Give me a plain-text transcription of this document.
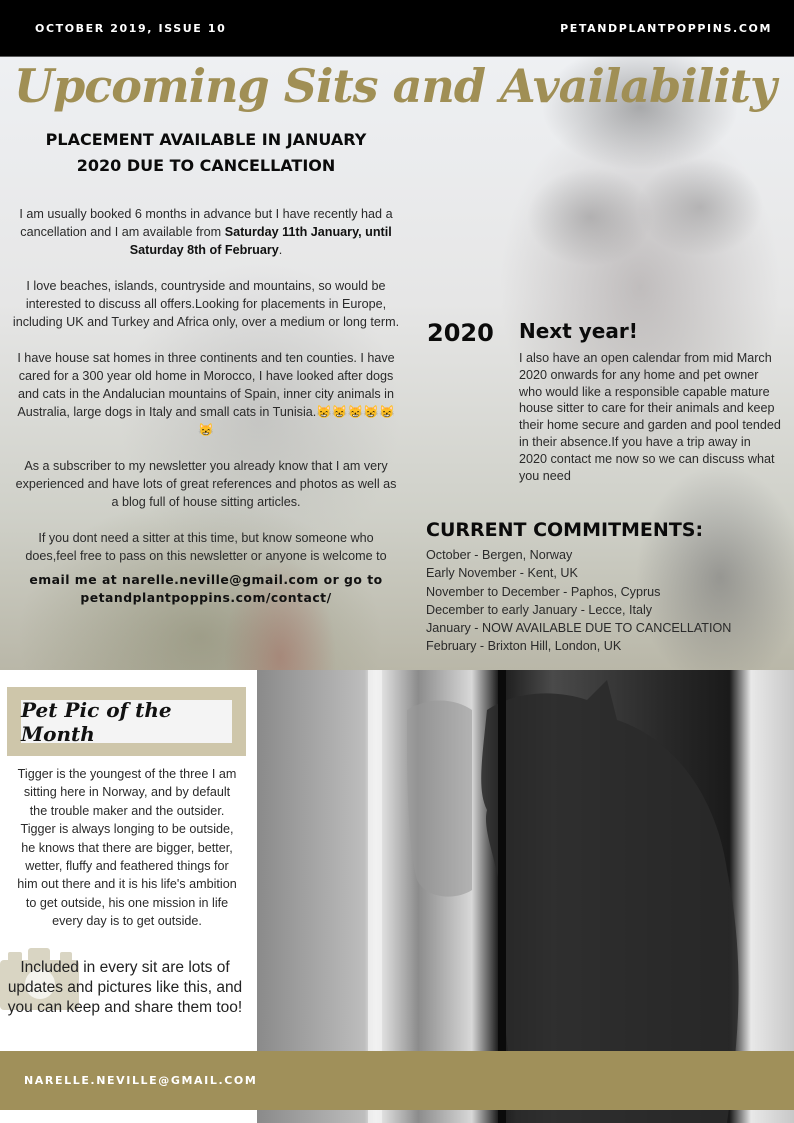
OCTOBER 2019, ISSUE 10	PETANDPLANTPOPPINS.COM
Upcoming Sits and Availability
PLACEMENT AVAILABLE IN JANUARY 2020 DUE TO CANCELLATION

I am usually booked 6 months in advance but I have recently had a cancellation and I am available from Saturday 11th January, until Saturday 8th of February.

I love beaches, islands, countryside and mountains, so would be interested to discuss all offers.Looking for placements in Europe, including UK and Turkey and Africa only, over a medium or long term.

I have house sat homes in three continents and ten counties. I have cared for a 300 year old home in Morocco, I have looked after dogs and cats in the Andalucian mountains of Spain, inner city animals in Australia, large dogs in Italy and small cats in Tunisia.😸😸😸😸😸😸

As a subscriber to my newsletter you already know that I am very experienced and have lots of great references and photos as well as a blog full of house sitting articles.

If you dont need a sitter at this time, but know someone who does,feel free to pass on this newsletter or anyone is welcome to

email me at narelle.neville@gmail.com or go to petandplantpoppins.com/contact/

2020 Next year!
I also have an open calendar from mid March 2020 onwards for any home and pet owner who would like a responsible capable mature house sitter to care for their animals and keep their home secure and garden and pool tended in their absence.If you have a trip away in 2020 contact me now so we can discuss what you need
CURRENT COMMITMENTS:
October - Bergen, Norway
Early November - Kent, UK
November to December - Paphos, Cyprus
December to early January - Lecce, Italy
January - NOW AVAILABLE DUE TO CANCELLATION
February - Brixton Hill, London, UK
Pet Pic of the Month

Tigger is the youngest of the three I am sitting here in Norway, and by default the trouble maker and the outsider. Tigger is always longing to be outside, he knows that there are bigger, better, wetter, fluffy and feathered things for him out there and it is his life's ambition to get outside, his one mission in life every day is to get outside.

Included in every sit are lots of updates and pictures like this, and you can keep and share them too!

NARELLE.NEVILLE@GMAIL.COM
